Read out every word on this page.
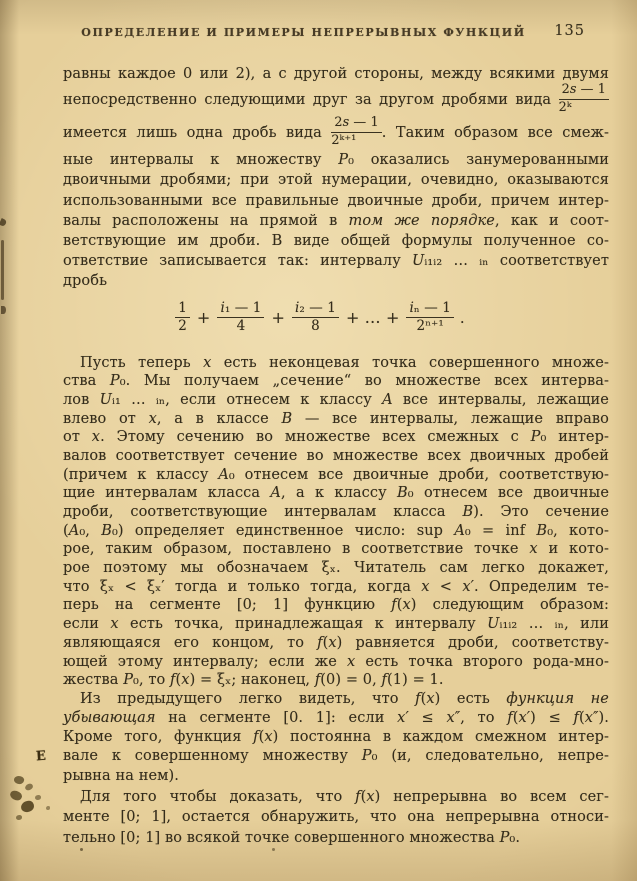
ОПРЕДЕЛЕНИЕ И ПРИМЕРЫ НЕПРЕРЫВНЫХ ФУНКЦИЙ 135
равны каждое 0 или 2), а с другой стороны, между всякими двумя
непосредственно следующими друг за другом дробями вида $\frac{2s — 1}{\text{2ᵏ}}$
имеется лишь одна дробь вида $\frac{2s — 1}{\text{2ᵏ⁺¹}}$ . Таким образом все смеж-
ные интервалы к множеству P₀ оказались занумерованными
двоичными дробями; при этой нумерации, очевидно, оказываются
использованными все правильные двоичные дроби, причем интер-
валы расположены на прямой в том же порядке, как и соот-
ветствующие им дроби. В виде общей формулы полученное со-
ответствие записывается так: интервалу Uᵢ₁ᵢ₂ … ᵢₙ соответствует
дробь
$\frac{1}{2} + \frac{\text{i₁ — 1}}{4} + \frac{\text{i₂ — 1}}{8}$ + … + $\frac{\text{iₙ — 1}}{\text{2ⁿ⁺¹}}$ .
Пусть теперь x есть неконцевая точка совершенного множе-
ства P₀. Мы получаем „сечение“ во множестве всех интерва-
лов Uᵢ₁ … ᵢₙ, если отнесем к классу A все интервалы, лежащие
влево от x, а в классе B — все интервалы, лежащие вправо
от x. Этому сечению во множестве всех смежных с P₀ интер-
валов соответствует сечение во множестве всех двоичных дробей
(причем к классу A₀ отнесем все двоичные дроби, соответствую-
щие интервалам класса A, а к классу B₀ отнесем все двоичные
дроби, соответствующие интервалам класса B). Это сечение
(A₀, B₀) определяет единственное число: sup A₀ = inf B₀, кото-
рое, таким образом, поставлено в соответствие точке x и кото-
рое поэтому мы обозначаем ξₓ. Читатель сам легко докажет,
что ξₓ < ξₓ′ тогда и только тогда, когда x < x′. Определим те-
перь на сегменте [0; 1] функцию f(x) следующим образом:
если x есть точка, принадлежащая к интервалу Uᵢ₁ᵢ₂ … ᵢₙ, или
являющаяся его концом, то f(x) равняется дроби, соответству-
ющей этому интервалу; если же x есть точка второго рода-мно-
жества P₀, то f(x) = ξₓ; наконец, f(0) = 0, f(1) = 1.
Из предыдущего легко видеть, что f(x) есть функция не
убывающая на сегменте [0. 1]: если x′ ≤ x″, то f(x′) ≤ f(x″).
Кроме того, функция f(x) постоянна в каждом смежном интер-
вале к совершенному множеству P₀ (и, следовательно, непре-
рывна на нем).
Для того чтобы доказать, что f(x) непрерывна во всем сег-
менте [0; 1], остается обнаружить, что она непрерывна относи-
тельно [0; 1] во всякой точке совершенного множества P₀.
Е
